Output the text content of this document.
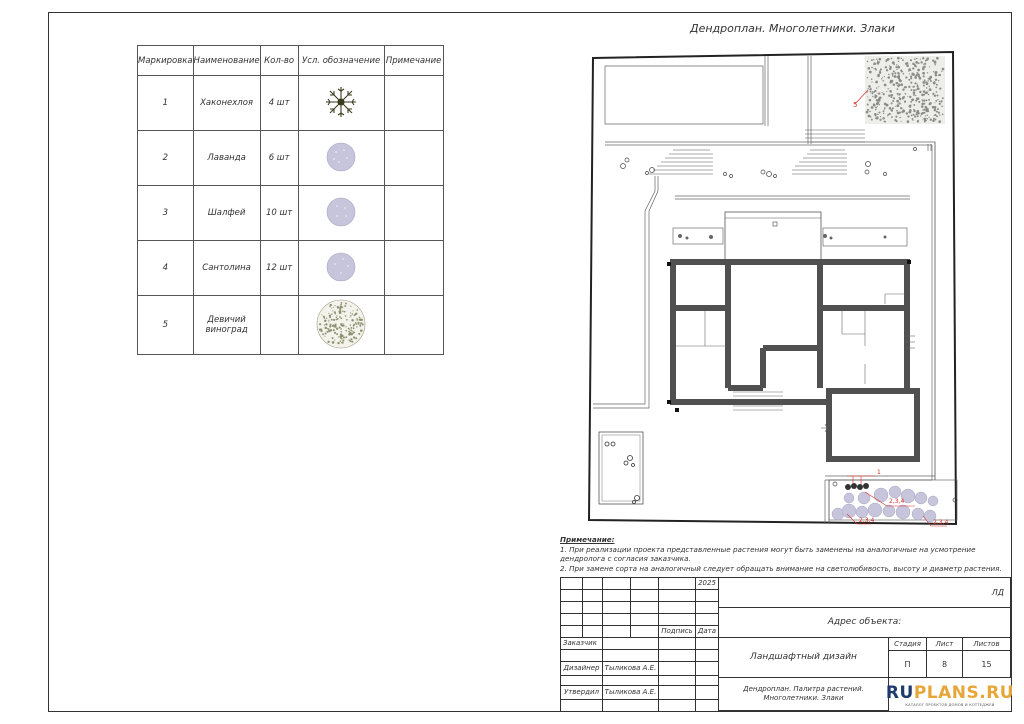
Маркировка	Наименование	Кол-во	Усл. обозначение	Примечание
1	Хаконехлоя	4 шт		
2	Лаванда	6 шт		
3	Шалфей	10 шт		
4	Сантолина	12 шт		
5	Девичий виноград			
Дендроплан. Многолетники. Злаки
5
1
2,3,4
2,3,4	2,3,4
Примечание:
1. При реализации проекта представленные растения могут быть заменены на аналогичные на усмотрение дендролога с согласия заказчика.
2. При замене сорта на аналогичный следует обращать внимание на светолюбивость, высоту и диаметр растения.
2025
Подпись Дата
Заказчик
Дизайнер Тыликова А.Е.
Утвердил Тыликова А.Е.
ЛД
Адрес объекта:
Ландшафтный дизайн
Стадия	Лист	Листов
П	8	15
Дендроплан. Палитра растений. Многолетники. Злаки	RUPLANS.RU
КАТАЛОГ ПРОЕКТОВ ДОМОВ И КОТТЕДЖЕЙ
